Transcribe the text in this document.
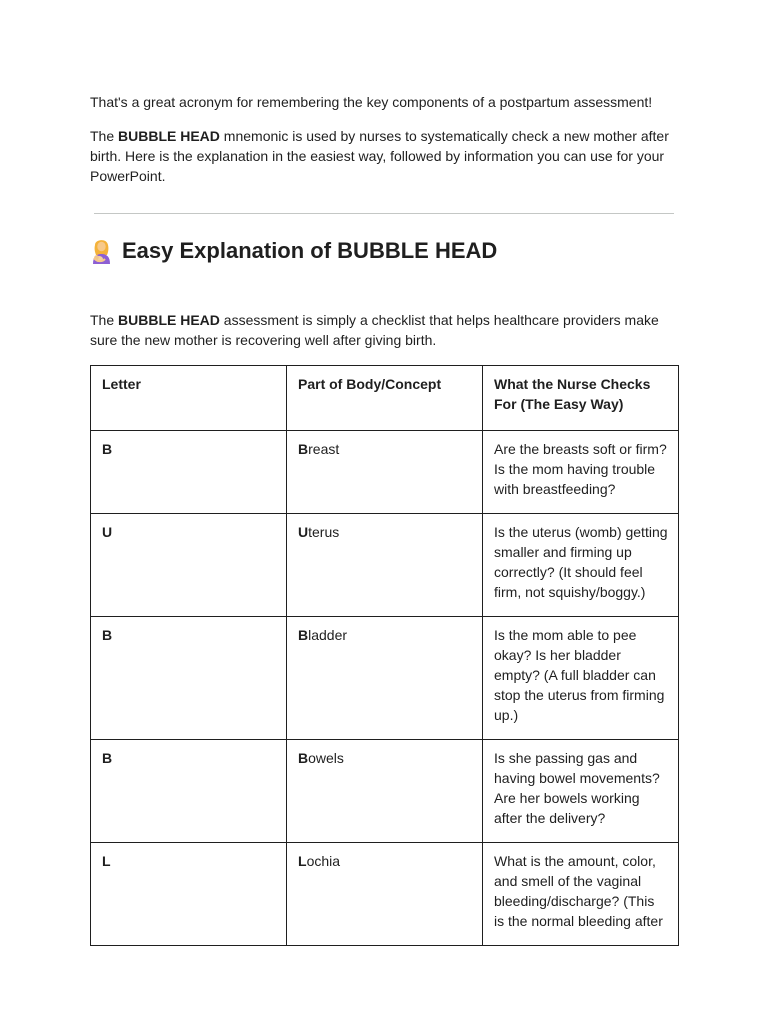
That's a great acronym for remembering the key components of a postpartum assessment!

The BUBBLE HEAD mnemonic is used by nurses to systematically check a new mother after birth. Here is the explanation in the easiest way, followed by information you can use for your PowerPoint.

Easy Explanation of BUBBLE HEAD

The BUBBLE HEAD assessment is simply a checklist that helps healthcare providers make sure the new mother is recovering well after giving birth.

Letter	Part of Body/Concept	What the Nurse Checks For (The Easy Way)
B	Breast	Are the breasts soft or firm? Is the mom having trouble with breastfeeding?
U	Uterus	Is the uterus (womb) getting smaller and firming up correctly? (It should feel firm, not squishy/boggy.)
B	Bladder	Is the mom able to pee okay? Is her bladder empty? (A full bladder can stop the uterus from firming up.)
B	Bowels	Is she passing gas and having bowel movements? Are her bowels working after the delivery?
L	Lochia	What is the amount, color, and smell of the vaginal bleeding/discharge? (This is the normal bleeding after
